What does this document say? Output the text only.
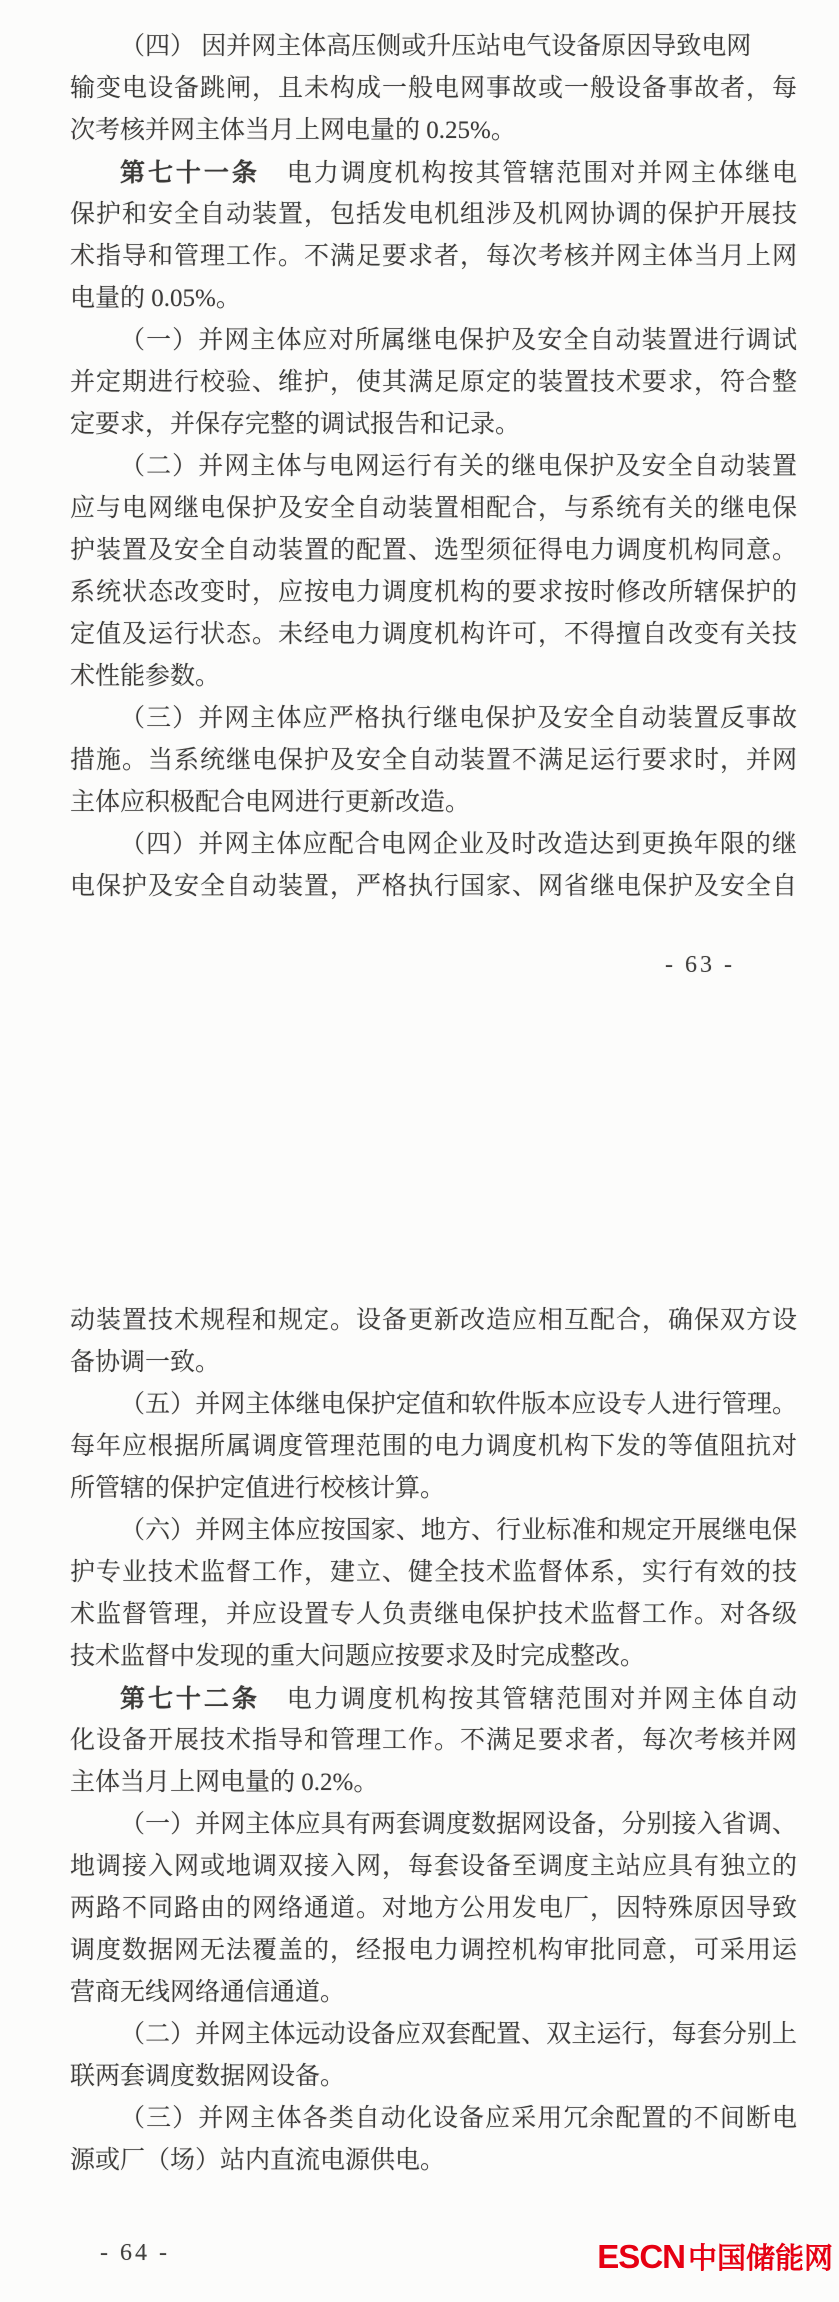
（四） 因并网主体高压侧或升压站电气设备原因导致电网
输变电设备跳闸，且未构成一般电网事故或一般设备事故者，每
次考核并网主体当月上网电量的 0.25%。
第七十一条　电力调度机构按其管辖范围对并网主体继电
保护和安全自动装置，包括发电机组涉及机网协调的保护开展技
术指导和管理工作。不满足要求者，每次考核并网主体当月上网
电量的 0.05%。
（一）并网主体应对所属继电保护及安全自动装置进行调试
并定期进行校验、维护，使其满足原定的装置技术要求，符合整
定要求，并保存完整的调试报告和记录。
（二）并网主体与电网运行有关的继电保护及安全自动装置
应与电网继电保护及安全自动装置相配合，与系统有关的继电保
护装置及安全自动装置的配置、选型须征得电力调度机构同意。
系统状态改变时，应按电力调度机构的要求按时修改所辖保护的
定值及运行状态。未经电力调度机构许可，不得擅自改变有关技
术性能参数。
（三）并网主体应严格执行继电保护及安全自动装置反事故
措施。当系统继电保护及安全自动装置不满足运行要求时，并网
主体应积极配合电网进行更新改造。
（四）并网主体应配合电网企业及时改造达到更换年限的继
电保护及安全自动装置，严格执行国家、网省继电保护及安全自
- 63 -
动装置技术规程和规定。设备更新改造应相互配合，确保双方设
备协调一致。
（五）并网主体继电保护定值和软件版本应设专人进行管理。
每年应根据所属调度管理范围的电力调度机构下发的等值阻抗对
所管辖的保护定值进行校核计算。
（六）并网主体应按国家、地方、行业标准和规定开展继电保
护专业技术监督工作，建立、健全技术监督体系，实行有效的技
术监督管理，并应设置专人负责继电保护技术监督工作。对各级
技术监督中发现的重大问题应按要求及时完成整改。
第七十二条　电力调度机构按其管辖范围对并网主体自动
化设备开展技术指导和管理工作。不满足要求者，每次考核并网
主体当月上网电量的 0.2%。
（一）并网主体应具有两套调度数据网设备，分别接入省调、
地调接入网或地调双接入网，每套设备至调度主站应具有独立的
两路不同路由的网络通道。对地方公用发电厂，因特殊原因导致
调度数据网无法覆盖的，经报电力调控机构审批同意，可采用运
营商无线网络通信通道。
（二）并网主体远动设备应双套配置、双主运行，每套分别上
联两套调度数据网设备。
（三）并网主体各类自动化设备应采用冗余配置的不间断电
源或厂（场）站内直流电源供电。
- 64 -	ESCN 中国储能网
